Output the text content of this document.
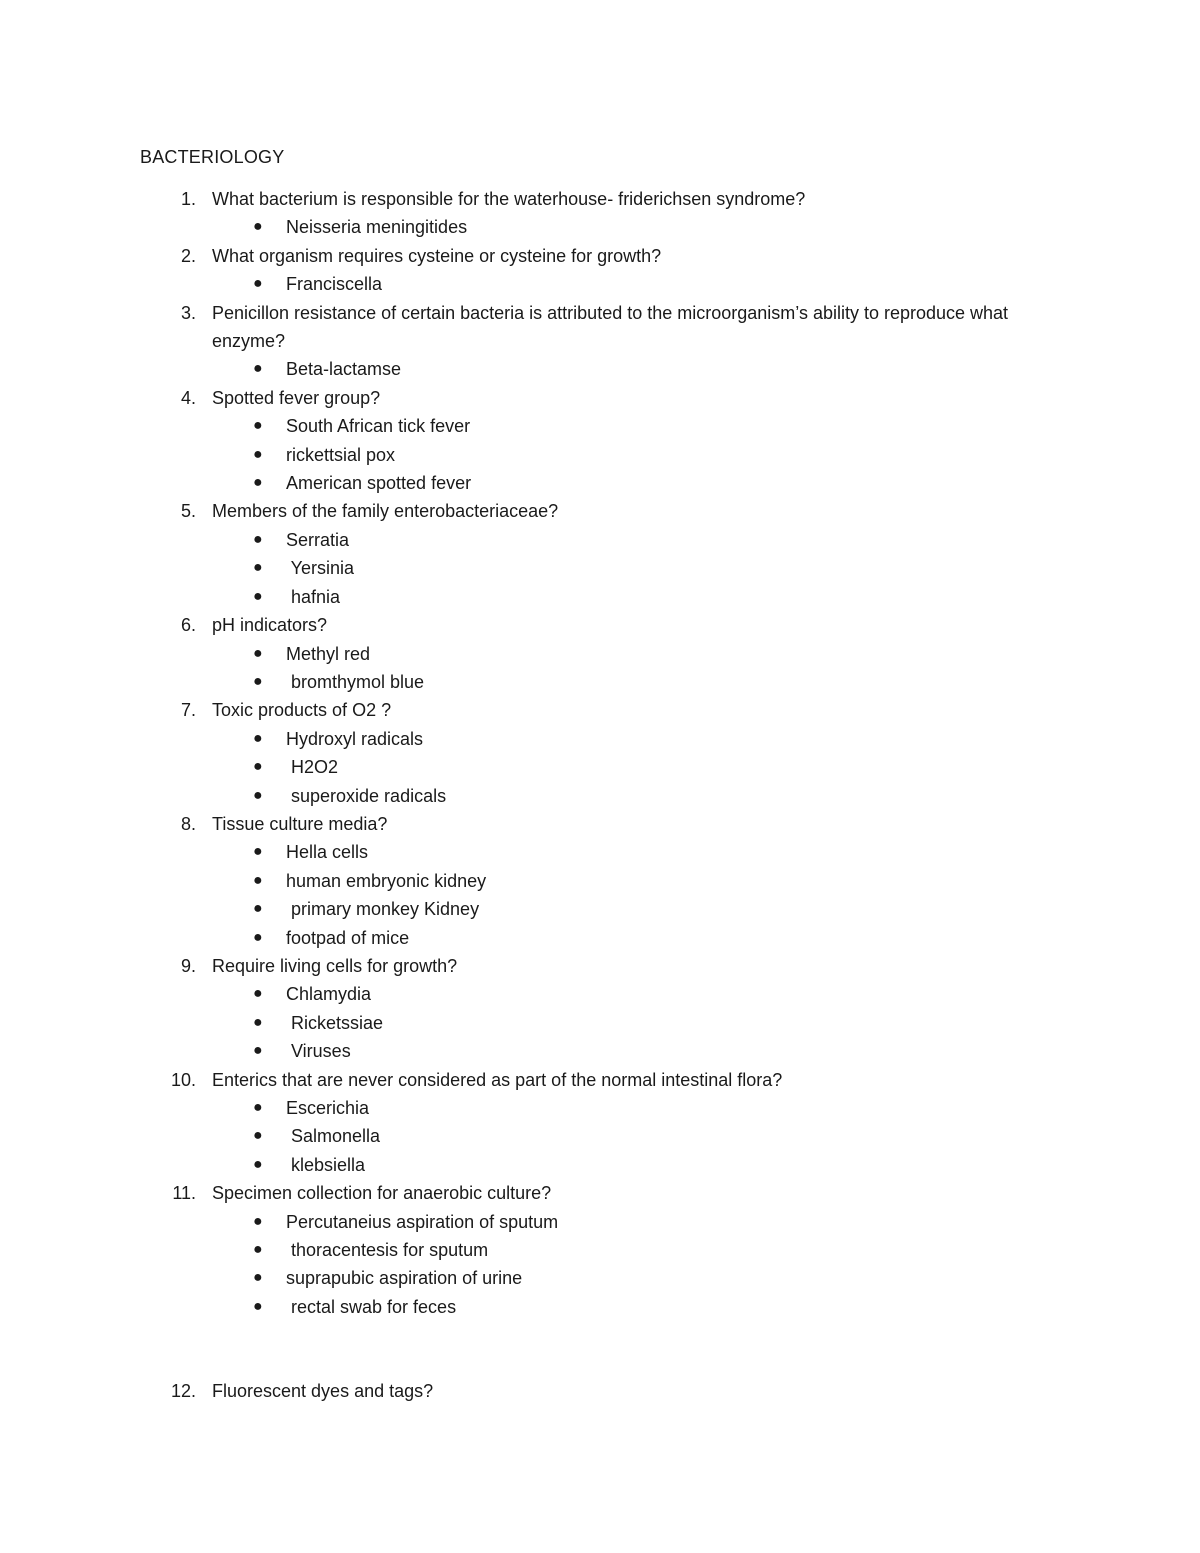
BACTERIOLOGY
1. What bacterium is responsible for the waterhouse- friderichsen syndrome?
● Neisseria meningitides
2. What organism requires cysteine or cysteine for growth?
● Franciscella
3. Penicillon resistance of certain bacteria is attributed to the microorganism’s ability to reproduce what enzyme?
● Beta-lactamse
4. Spotted fever group?
● South African tick fever
● rickettsial pox
● American spotted fever
5. Members of the family enterobacteriaceae?
● Serratia
● Yersinia
● hafnia
6. pH indicators?
● Methyl red
● bromthymol blue
7. Toxic products of O2 ?
● Hydroxyl radicals
● H2O2
● superoxide radicals
8. Tissue culture media?
● Hella cells
● human embryonic kidney
● primary monkey Kidney
● footpad of mice
9. Require living cells for growth?
● Chlamydia
● Ricketssiae
● Viruses
10. Enterics that are never considered as part of the normal intestinal flora?
● Escerichia
● Salmonella
● klebsiella
11. Specimen collection for anaerobic culture?
● Percutaneius aspiration of sputum
● thoracentesis for sputum
● suprapubic aspiration of urine
● rectal swab for feces
12. Fluorescent dyes and tags?
